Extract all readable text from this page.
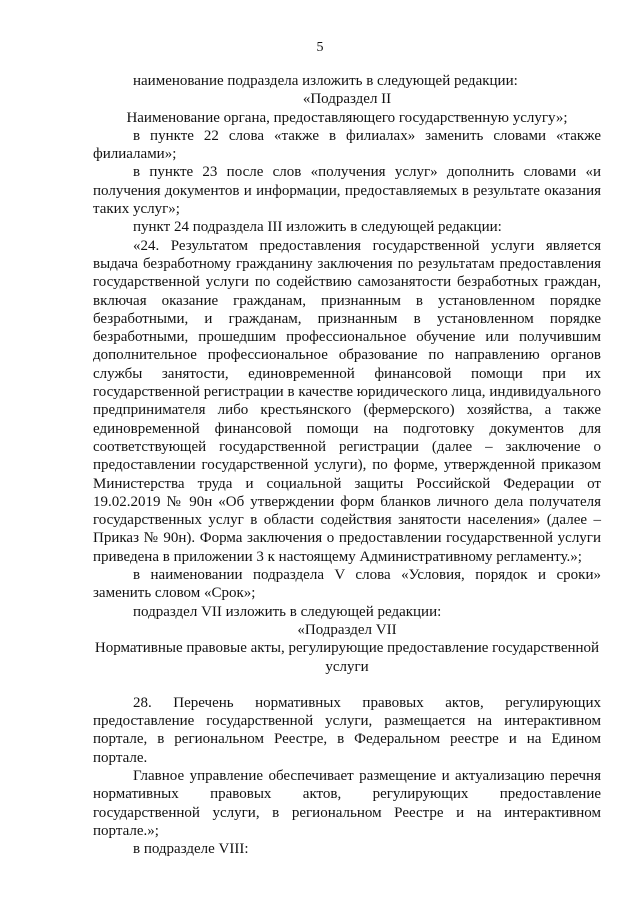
5

наименование подраздела изложить в следующей редакции:

«Подраздел II

Наименование органа, предоставляющего государственную услугу»;

в пункте 22 слова «также в филиалах» заменить словами «также филиалами»;

в пункте 23 после слов «получения услуг» дополнить словами «и получения документов и информации, предоставляемых в результате оказания таких услуг»;

пункт 24 подраздела III изложить в следующей редакции:

«24. Результатом предоставления государственной услуги является выдача безработному гражданину заключения по результатам предоставления государственной услуги по содействию самозанятости безработных граждан, включая оказание гражданам, признанным в установленном порядке безработными, и гражданам, признанным в установленном порядке безработными, прошедшим профессиональное обучение или получившим дополнительное профессиональное образование по направлению органов службы занятости, единовременной финансовой помощи при их государственной регистрации в качестве юридического лица, индивидуального предпринимателя либо крестьянского (фермерского) хозяйства, а также единовременной финансовой помощи на подготовку документов для соответствующей государственной регистрации (далее – заключение о предоставлении государственной услуги), по форме, утвержденной приказом Министерства труда и социальной защиты Российской Федерации от 19.02.2019 № 90н «Об утверждении форм бланков личного дела получателя государственных услуг в области содействия занятости населения» (далее – Приказ № 90н). Форма заключения о предоставлении государственной услуги приведена в приложении 3 к настоящему Административному регламенту.»;

в наименовании подраздела V слова «Условия, порядок и сроки» заменить словом «Срок»;

подраздел VII изложить в следующей редакции:

«Подраздел VII

Нормативные правовые акты, регулирующие предоставление государственной услуги

28. Перечень нормативных правовых актов, регулирующих предоставление государственной услуги, размещается на интерактивном портале, в региональном Реестре, в Федеральном реестре и на Едином портале.

Главное управление обеспечивает размещение и актуализацию перечня нормативных правовых актов, регулирующих предоставление государственной услуги, в региональном Реестре и на интерактивном портале.»;

в подразделе VIII:
